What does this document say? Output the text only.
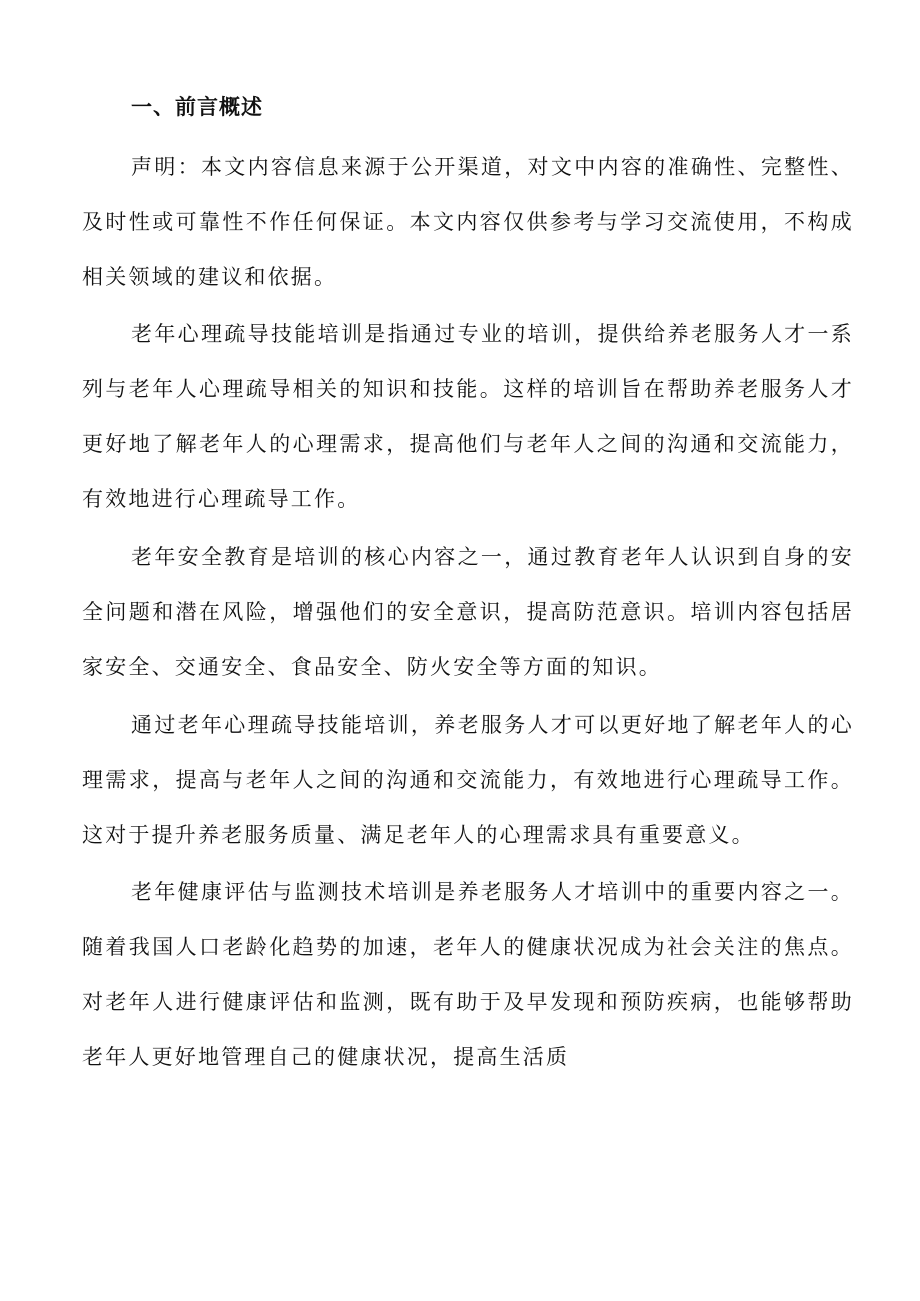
一、前言概述

声明：本文内容信息来源于公开渠道，对文中内容的准确性、完整性、及时性或可靠性不作任何保证。本文内容仅供参考与学习交流使用，不构成相关领域的建议和依据。

老年心理疏导技能培训是指通过专业的培训，提供给养老服务人才一系列与老年人心理疏导相关的知识和技能。这样的培训旨在帮助养老服务人才更好地了解老年人的心理需求，提高他们与老年人之间的沟通和交流能力，有效地进行心理疏导工作。

老年安全教育是培训的核心内容之一，通过教育老年人认识到自身的安全问题和潜在风险，增强他们的安全意识，提高防范意识。培训内容包括居家安全、交通安全、食品安全、防火安全等方面的知识。

通过老年心理疏导技能培训，养老服务人才可以更好地了解老年人的心理需求，提高与老年人之间的沟通和交流能力，有效地进行心理疏导工作。这对于提升养老服务质量、满足老年人的心理需求具有重要意义。

老年健康评估与监测技术培训是养老服务人才培训中的重要内容之一。随着我国人口老龄化趋势的加速，老年人的健康状况成为社会关注的焦点。对老年人进行健康评估和监测，既有助于及早发现和预防疾病，也能够帮助老年人更好地管理自己的健康状况，提高生活质
